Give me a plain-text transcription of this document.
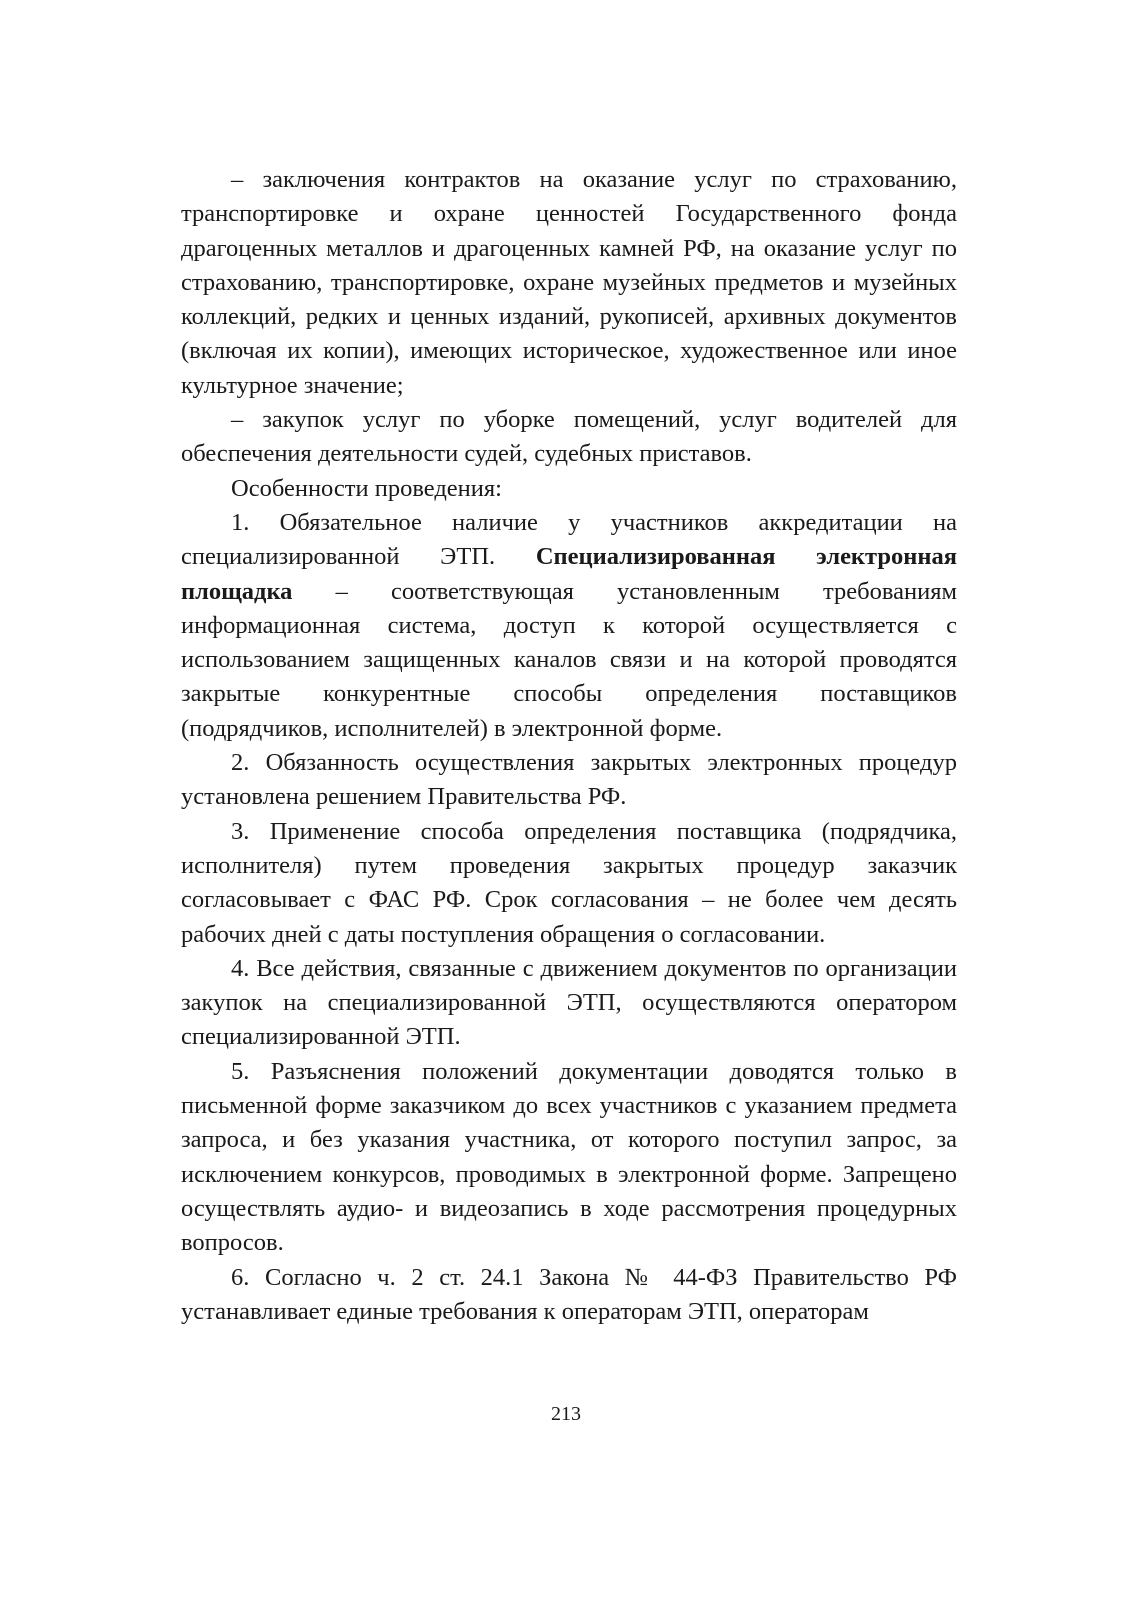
– заключения контрактов на оказание услуг по страхованию, транспортировке и охране ценностей Государственного фонда драгоценных металлов и драгоценных камней РФ, на оказание услуг по страхованию, транспортировке, охране музейных предметов и музейных коллекций, редких и ценных изданий, рукописей, архивных документов (включая их копии), имеющих историческое, художественное или иное культурное значение;

– закупок услуг по уборке помещений, услуг водителей для обеспечения деятельности судей, судебных приставов.

Особенности проведения:

1. Обязательное наличие у участников аккредитации на специализированной ЭТП. Специализированная электронная площадка – соответствующая установленным требованиям информационная система, доступ к которой осуществляется с использованием защищенных каналов связи и на которой проводятся закрытые конкурентные способы определения поставщиков (подрядчиков, исполнителей) в электронной форме.

2. Обязанность осуществления закрытых электронных процедур установлена решением Правительства РФ.

3. Применение способа определения поставщика (подрядчика, исполнителя) путем проведения закрытых процедур заказчик согласовывает с ФАС РФ. Срок согласования – не более чем десять рабочих дней с даты поступления обращения о согласовании.

4. Все действия, связанные с движением документов по организации закупок на специализированной ЭТП, осуществляются оператором специализированной ЭТП.

5. Разъяснения положений документации доводятся только в письменной форме заказчиком до всех участников с указанием предмета запроса, и без указания участника, от которого поступил запрос, за исключением конкурсов, проводимых в электронной форме. Запрещено осуществлять аудио- и видеозапись в ходе рассмотрения процедурных вопросов.

6. Согласно ч. 2 ст. 24.1 Закона № 44-ФЗ Правительство РФ устанавливает единые требования к операторам ЭТП, операторам

213
